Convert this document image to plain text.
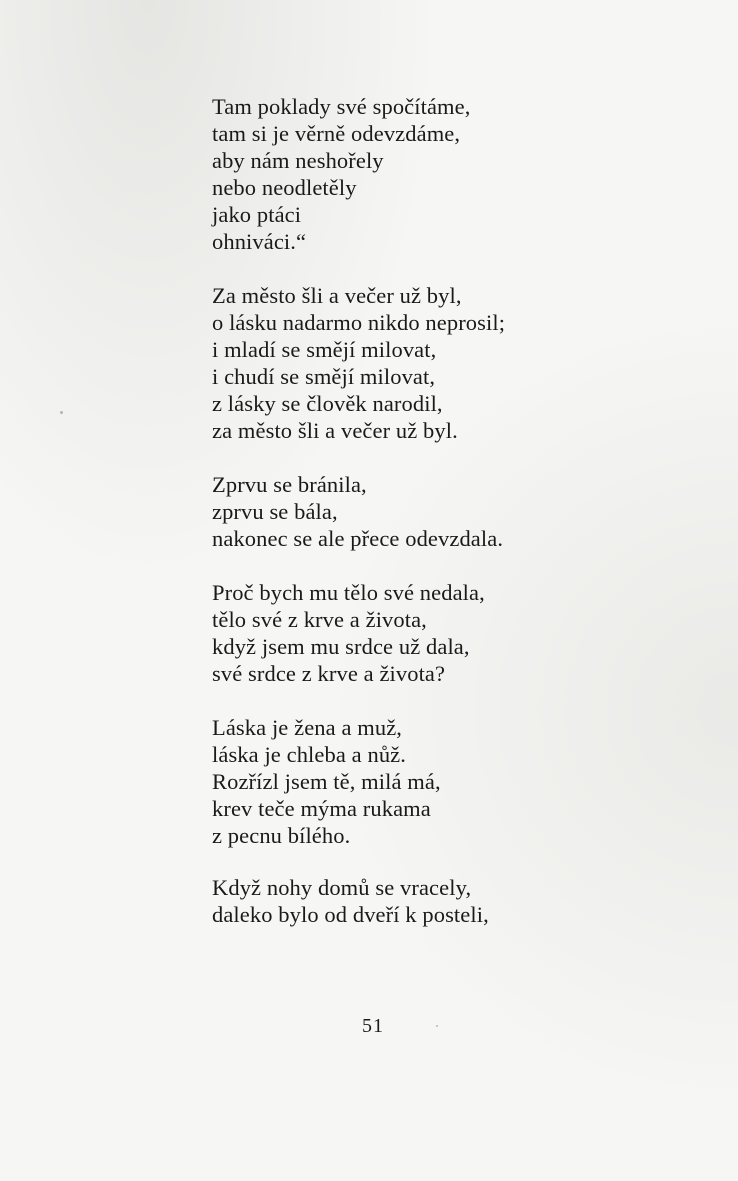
Tam poklady své spočítáme,
tam si je věrně odevzdáme,
aby nám neshořely
nebo neodletěly
jako ptáci
ohniváci.“
Za město šli a večer už byl,
o lásku nadarmo nikdo neprosil;
i mladí se smějí milovat,
i chudí se smějí milovat,
z lásky se člověk narodil,
za město šli a večer už byl.
Zprvu se bránila,
zprvu se bála,
nakonec se ale přece odevzdala.
Proč bych mu tělo své nedala,
tělo své z krve a života,
když jsem mu srdce už dala,
své srdce z krve a života?
Láska je žena a muž,
láska je chleba a nůž.
Rozřízl jsem tě, milá má,
krev teče mýma rukama
z pecnu bílého.
Když nohy domů se vracely,
daleko bylo od dveří k posteli,
51
